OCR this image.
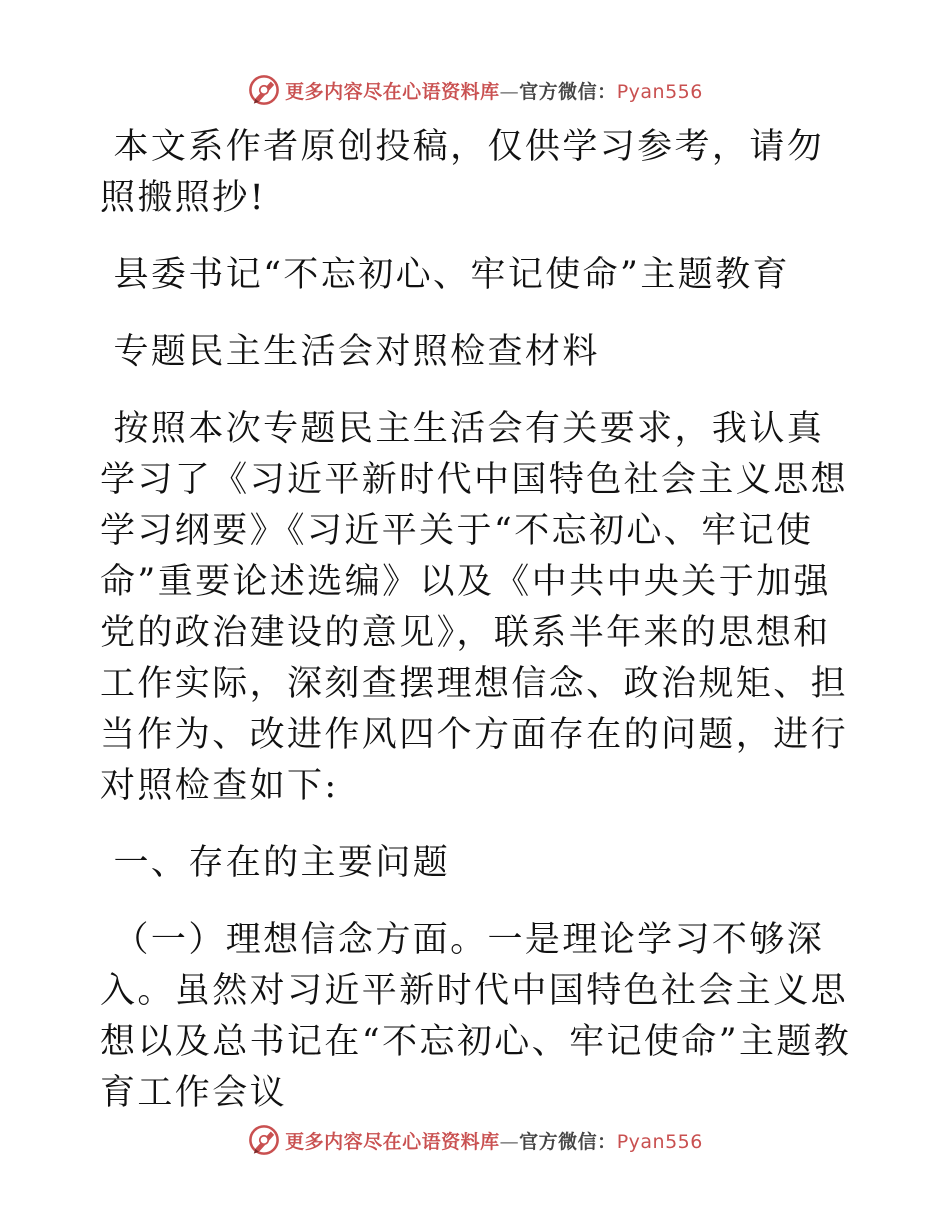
更多内容尽在心语资料库—官方微信：Pyan556

本文系作者原创投稿，仅供学习参考，请勿照搬照抄!

县委书记“不忘初心、牢记使命”主题教育

专题民主生活会对照检查材料

按照本次专题民主生活会有关要求，我认真学习了《习近平新时代中国特色社会主义思想学习纲要》《习近平关于“不忘初心、牢记使命”重要论述选编》以及《中共中央关于加强党的政治建设的意见》，联系半年来的思想和工作实际，深刻查摆理想信念、政治规矩、担当作为、改进作风四个方面存在的问题，进行对照检查如下:

一、存在的主要问题

（一）理想信念方面。一是理论学习不够深入。虽然对习近平新时代中国特色社会主义思想以及总书记在“不忘初心、牢记使命”主题教育工作会议

更多内容尽在心语资料库—官方微信：Pyan556
